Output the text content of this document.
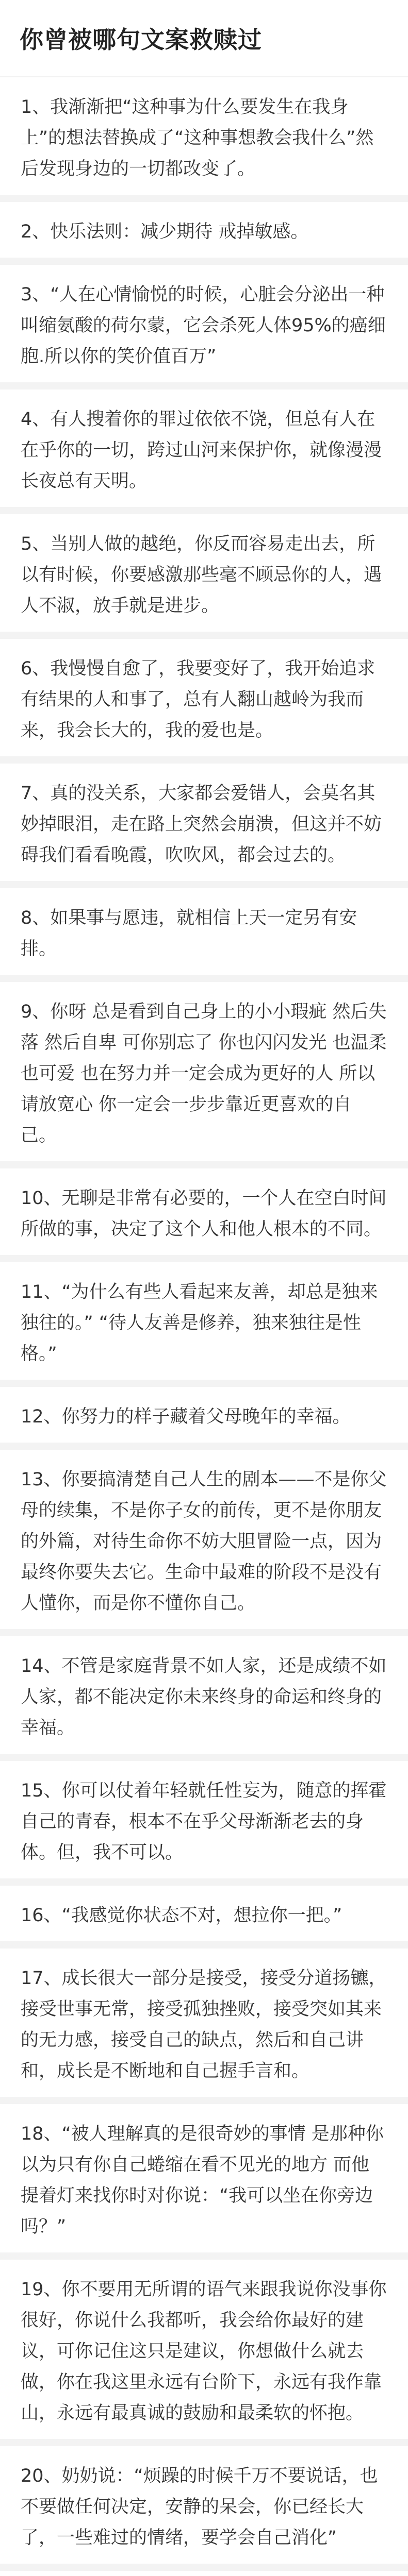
你曾被哪句文案救赎过
1、我渐渐把“这种事为什么要发生在我身上”的想法替换成了“这种事想教会我什么”然后发现身边的一切都改变了。
2、快乐法则：减少期待 戒掉敏感。
3、“人在心情愉悦的时候，心脏会分泌出一种叫缩氨酸的荷尔蒙，它会杀死人体95%的癌细胞.所以你的笑价值百万”
4、有人搜着你的罪过依依不饶，但总有人在在乎你的一切，跨过山河来保护你，就像漫漫长夜总有天明。
5、当别人做的越绝，你反而容易走出去，所以有时候，你要感激那些毫不顾忌你的人，遇人不淑，放手就是进步。
6、我慢慢自愈了，我要变好了，我开始追求有结果的人和事了，总有人翻山越岭为我而来，我会长大的，我的爱也是。
7、真的没关系，大家都会爱错人，会莫名其妙掉眼泪，走在路上突然会崩溃，但这并不妨碍我们看看晚霞，吹吹风，都会过去的。
8、如果事与愿违，就相信上天一定另有安排。
9、你呀 总是看到自己身上的小小瑕疵 然后失落 然后自卑 可你别忘了 你也闪闪发光 也温柔 也可爱 也在努力并一定会成为更好的人 所以请放宽心 你一定会一步步靠近更喜欢的自己。
10、无聊是非常有必要的，一个人在空白时间所做的事，决定了这个人和他人根本的不同。
11、“为什么有些人看起来友善，却总是独来独往的。” “待人友善是修养，独来独往是性格。”
12、你努力的样子藏着父母晚年的幸福。
13、你要搞清楚自己人生的剧本——不是你父母的续集，不是你子女的前传，更不是你朋友的外篇，对待生命你不妨大胆冒险一点，因为最终你要失去它。生命中最难的阶段不是没有人懂你，而是你不懂你自己。
14、不管是家庭背景不如人家，还是成绩不如人家，都不能决定你未来终身的命运和终身的幸福。
15、你可以仗着年轻就任性妄为，随意的挥霍自己的青春，根本不在乎父母渐渐老去的身体。但，我不可以。
16、“我感觉你状态不对，想拉你一把。”
17、成长很大一部分是接受，接受分道扬镳，接受世事无常，接受孤独挫败，接受突如其来的无力感，接受自己的缺点，然后和自己讲和，成长是不断地和自己握手言和。
18、“被人理解真的是很奇妙的事情 是那种你以为只有你自己蜷缩在看不见光的地方 而他提着灯来找你时对你说：“我可以坐在你旁边吗？”
19、你不要用无所谓的语气来跟我说你没事你很好，你说什么我都听，我会给你最好的建议，可你记住这只是建议，你想做什么就去做，你在我这里永远有台阶下，永远有我作靠山，永远有最真诚的鼓励和最柔软的怀抱。
20、奶奶说：“烦躁的时候千万不要说话，也不要做任何决定，安静的呆会，你已经长大了，一些难过的情绪，要学会自己消化”
